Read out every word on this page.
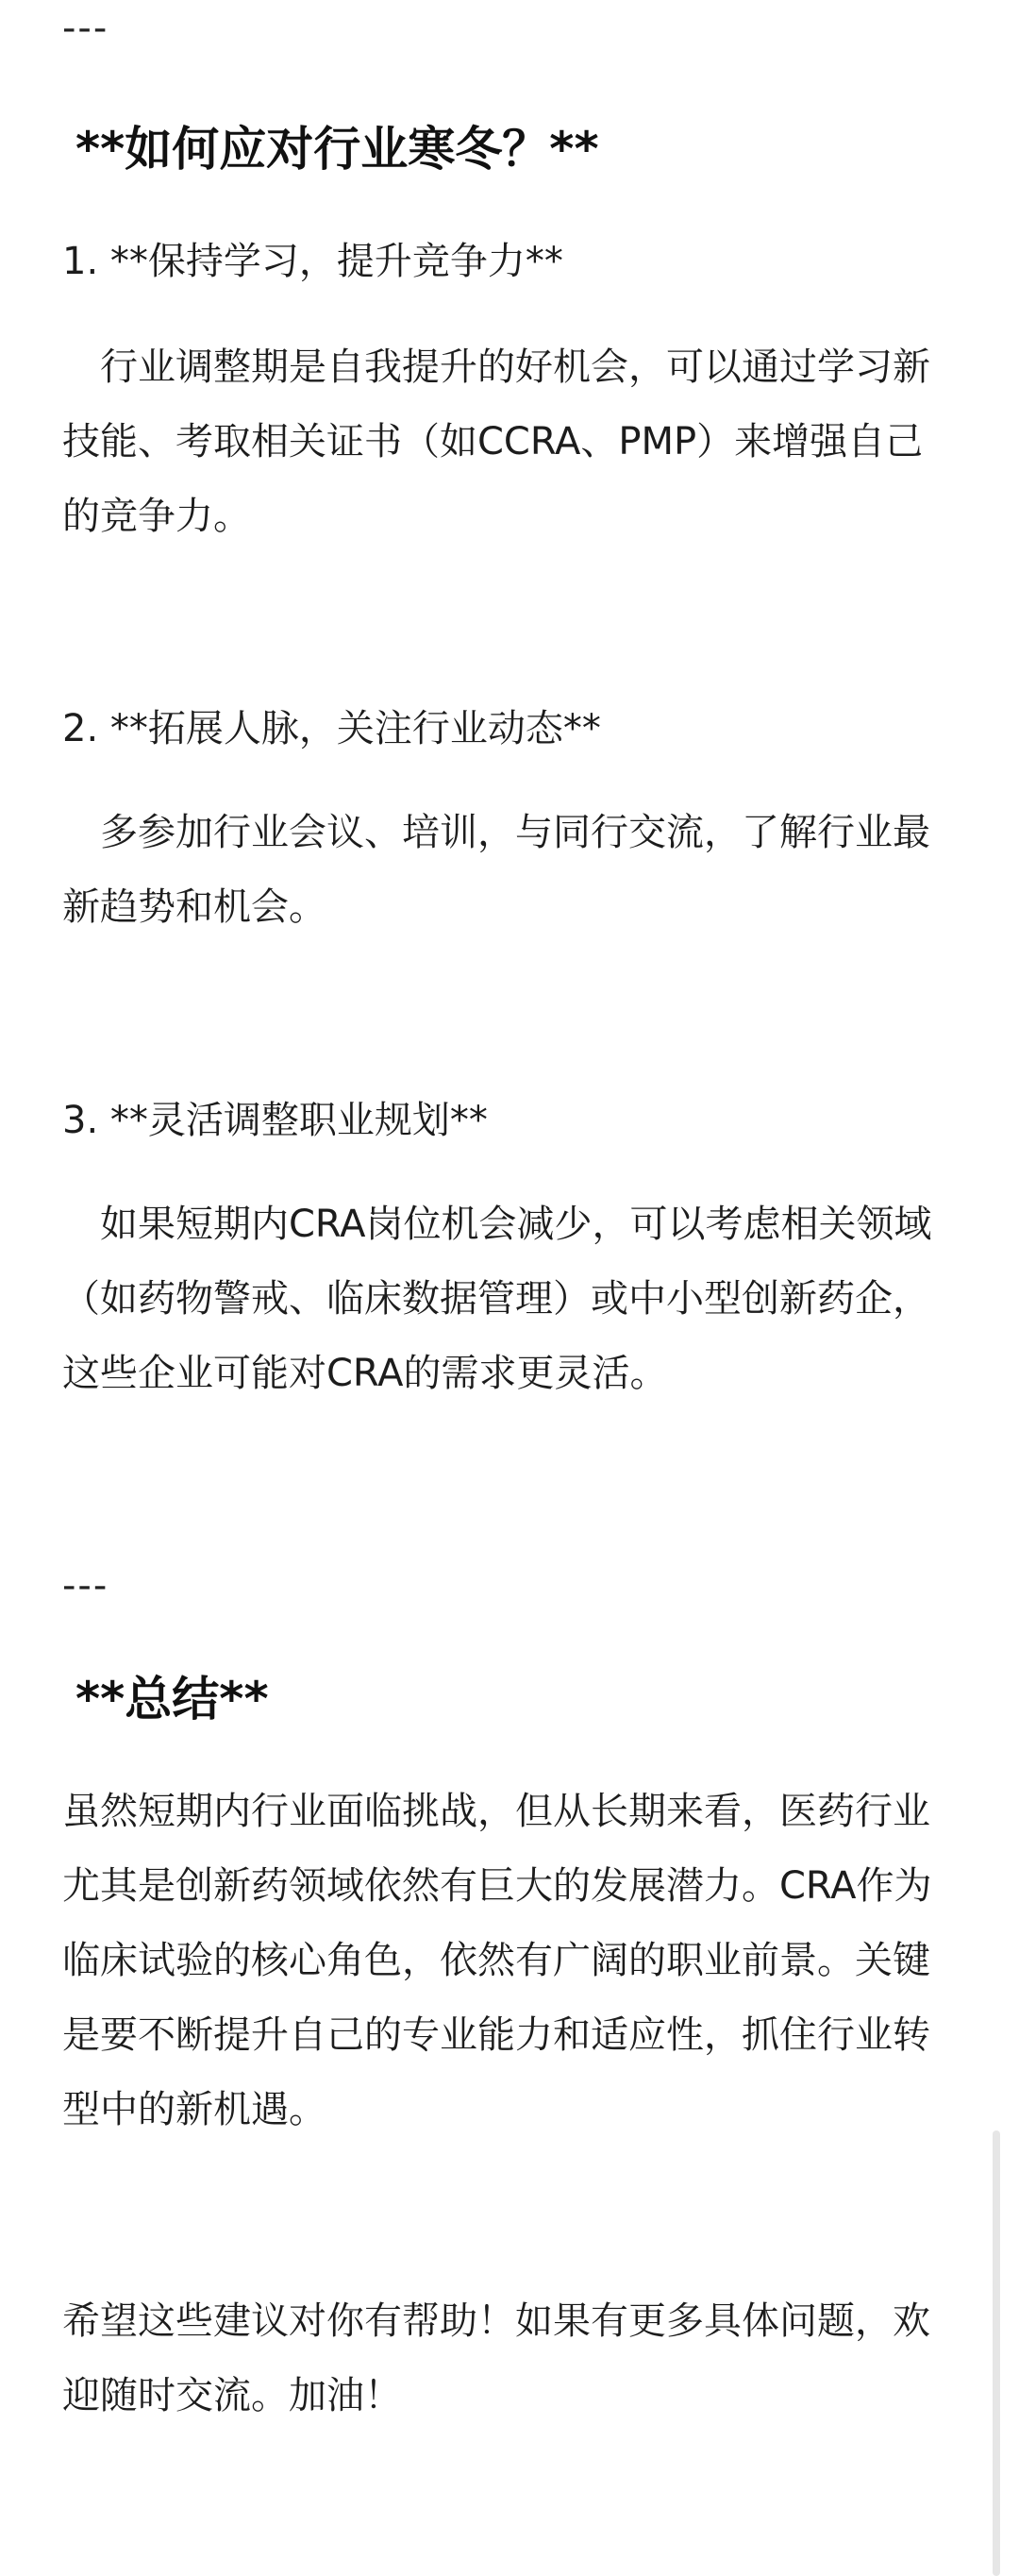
---
**如何应对行业寒冬？**
1. **保持学习，提升竞争力**
　行业调整期是自我提升的好机会，可以通过学习新技能、考取相关证书（如CCRA、PMP）来增强自己的竞争力。
2. **拓展人脉，关注行业动态**
　多参加行业会议、培训，与同行交流，了解行业最新趋势和机会。
3. **灵活调整职业规划**
　如果短期内CRA岗位机会减少，可以考虑相关领域（如药物警戒、临床数据管理）或中小型创新药企，这些企业可能对CRA的需求更灵活。
---
**总结**
虽然短期内行业面临挑战，但从长期来看，医药行业尤其是创新药领域依然有巨大的发展潜力。CRA作为临床试验的核心角色，依然有广阔的职业前景。关键是要不断提升自己的专业能力和适应性，抓住行业转型中的新机遇。
希望这些建议对你有帮助！如果有更多具体问题，欢迎随时交流。加油！
